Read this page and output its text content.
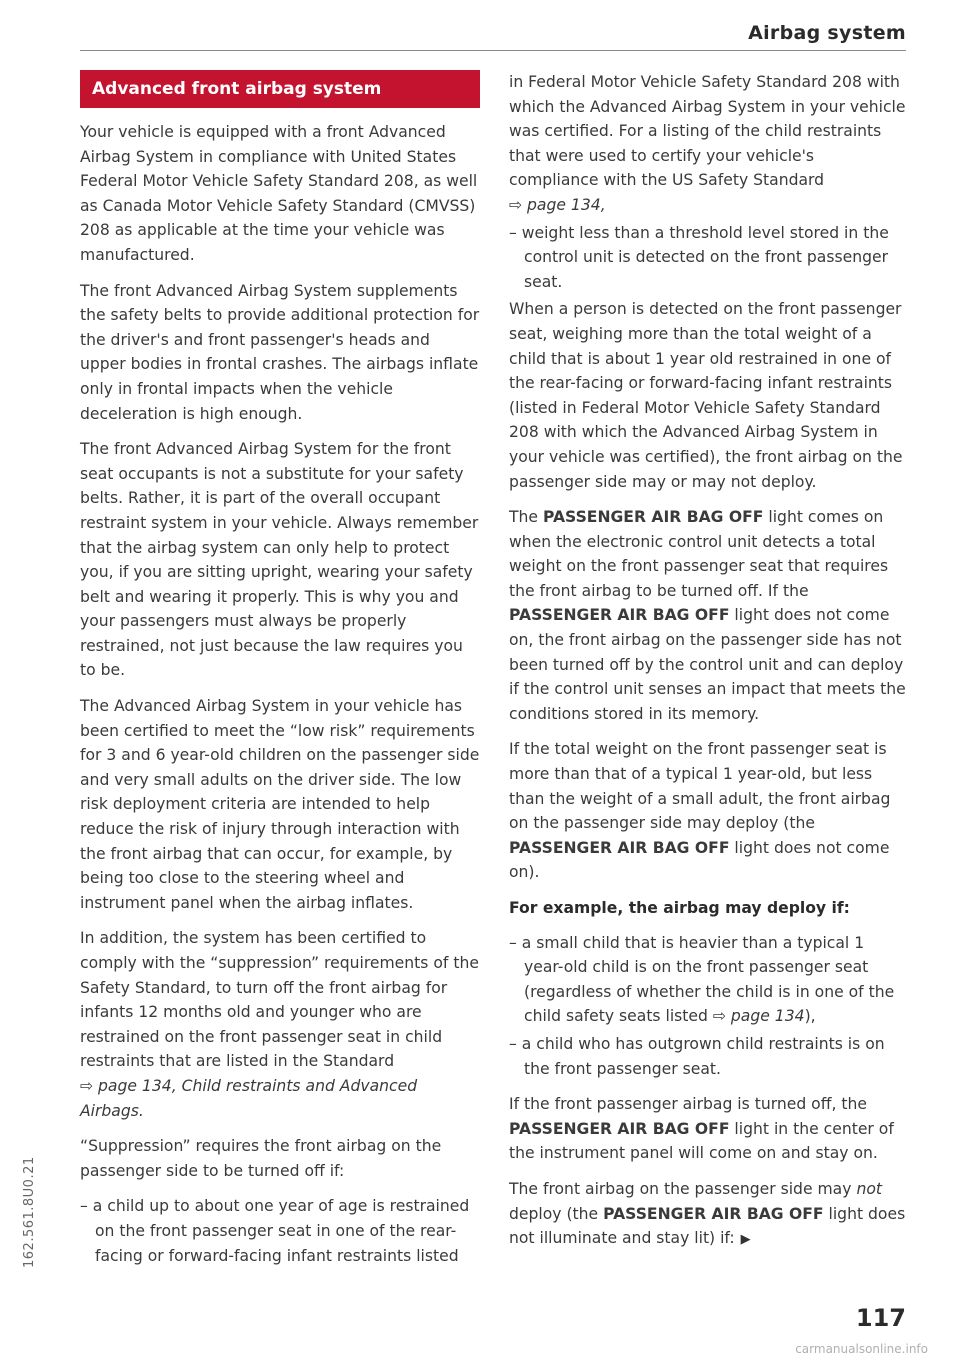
Airbag system
162.561.8U0.21
Advanced front airbag system

Your vehicle is equipped with a front Advanced Airbag System in compliance with United States Federal Motor Vehicle Safety Standard 208, as well as Canada Motor Vehicle Safety Standard (CMVSS) 208 as applicable at the time your vehicle was manufactured.

The front Advanced Airbag System supplements the safety belts to provide additional protection for the driver's and front passenger's heads and upper bodies in frontal crashes. The airbags inflate only in frontal impacts when the vehicle deceleration is high enough.

The front Advanced Airbag System for the front seat occupants is not a substitute for your safety belts. Rather, it is part of the overall occupant restraint system in your vehicle. Always remember that the airbag system can only help to protect you, if you are sitting upright, wearing your safety belt and wearing it properly. This is why you and your passengers must always be properly restrained, not just because the law requires you to be.

The Advanced Airbag System in your vehicle has been certified to meet the “low risk” requirements for 3 and 6 year-old children on the passenger side and very small adults on the driver side. The low risk deployment criteria are intended to help reduce the risk of injury through interaction with the front airbag that can occur, for example, by being too close to the steering wheel and instrument panel when the airbag inflates.

In addition, the system has been certified to comply with the “suppression” requirements of the Safety Standard, to turn off the front airbag for infants 12 months old and younger who are restrained on the front passenger seat in child restraints that are listed in the Standard
⇨ page 134, Child restraints and Advanced Airbags.

“Suppression” requires the front airbag on the passenger side to be turned off if:

– a child up to about one year of age is restrained on the front passenger seat in one of the rear-facing or forward-facing infant restraints listed

in Federal Motor Vehicle Safety Standard 208 with which the Advanced Airbag System in your vehicle was certified. For a listing of the child restraints that were used to certify your vehicle's compliance with the US Safety Standard
⇨ page 134,

– weight less than a threshold level stored in the control unit is detected on the front passenger seat.

When a person is detected on the front passenger seat, weighing more than the total weight of a child that is about 1 year old restrained in one of the rear-facing or forward-facing infant restraints (listed in Federal Motor Vehicle Safety Standard 208 with which the Advanced Airbag System in your vehicle was certified), the front airbag on the passenger side may or may not deploy.

The PASSENGER AIR BAG OFF light comes on when the electronic control unit detects a total weight on the front passenger seat that requires the front airbag to be turned off. If the PASSENGER AIR BAG OFF light does not come on, the front airbag on the passenger side has not been turned off by the control unit and can deploy if the control unit senses an impact that meets the conditions stored in its memory.

If the total weight on the front passenger seat is more than that of a typical 1 year-old, but less than the weight of a small adult, the front airbag on the passenger side may deploy (the PASSENGER AIR BAG OFF light does not come on).

For example, the airbag may deploy if:

– a small child that is heavier than a typical 1 year-old child is on the front passenger seat (regardless of whether the child is in one of the child safety seats listed ⇨ page 134),

– a child who has outgrown child restraints is on the front passenger seat.

If the front passenger airbag is turned off, the PASSENGER AIR BAG OFF light in the center of the instrument panel will come on and stay on.

The front airbag on the passenger side may not deploy (the PASSENGER AIR BAG OFF light does not illuminate and stay lit) if: ▶

117
carmanualsonline.info
